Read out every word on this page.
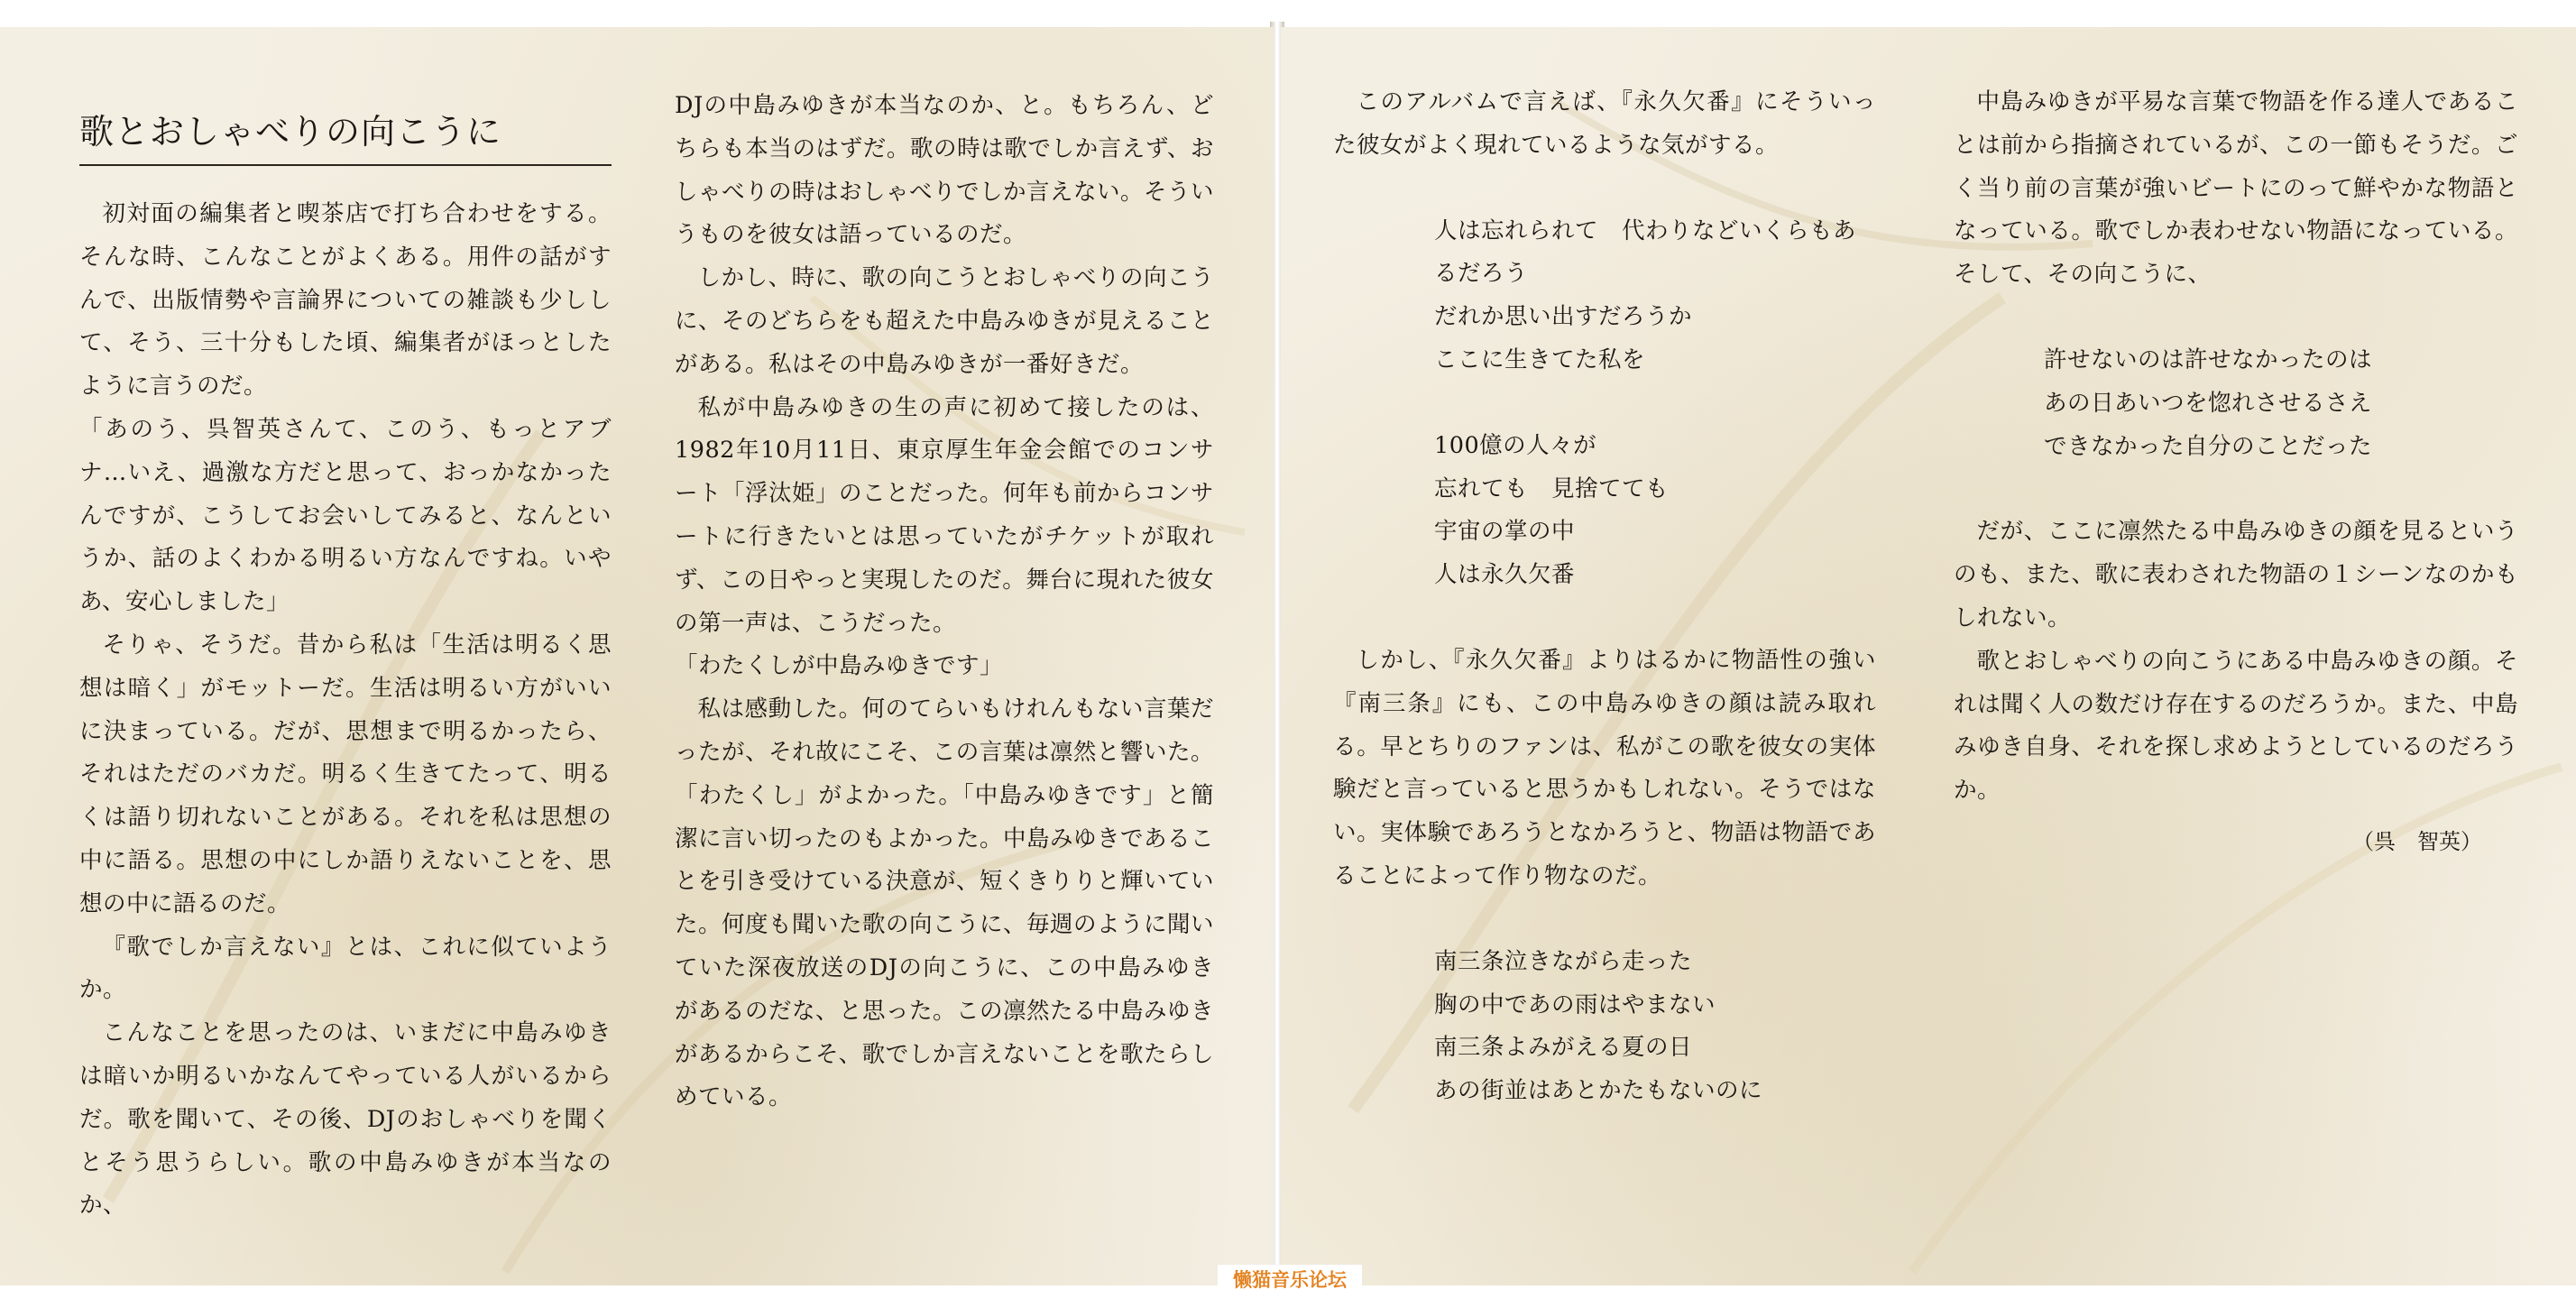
歌とおしゃべりの向こうに

初対面の編集者と喫茶店で打ち合わせをする。そんな時、こんなことがよくある。用件の話がすんで、出版情勢や言論界についての雑談も少しして、そう、三十分もした頃、編集者がほっとしたように言うのだ。

「あのう、呉智英さんて、このう、もっとアブナ…いえ、過激な方だと思って、おっかなかったんですが、こうしてお会いしてみると、なんというか、話のよくわかる明るい方なんですね。いやあ、安心しました」

そりゃ、そうだ。昔から私は「生活は明るく思想は暗く」がモットーだ。生活は明るい方がいいに決まっている。だが、思想まで明るかったら、それはただのバカだ。明るく生きてたって、明るくは語り切れないことがある。それを私は思想の中に語る。思想の中にしか語りえないことを、思想の中に語るのだ。

『歌でしか言えない』とは、これに似ていようか。

こんなことを思ったのは、いまだに中島みゆきは暗いか明るいかなんてやっている人がいるからだ。歌を聞いて、その後、DJのおしゃべりを聞くとそう思うらしい。歌の中島みゆきが本当なのか、

DJの中島みゆきが本当なのか、と。もちろん、どちらも本当のはずだ。歌の時は歌でしか言えず、おしゃべりの時はおしゃべりでしか言えない。そういうものを彼女は語っているのだ。

しかし、時に、歌の向こうとおしゃべりの向こうに、そのどちらをも超えた中島みゆきが見えることがある。私はその中島みゆきが一番好きだ。

私が中島みゆきの生の声に初めて接したのは、1982年10月11日、東京厚生年金会館でのコンサート「浮汰姫」のことだった。何年も前からコンサートに行きたいとは思っていたがチケットが取れず、この日やっと実現したのだ。舞台に現れた彼女の第一声は、こうだった。

「わたくしが中島みゆきです」

私は感動した。何のてらいもけれんもない言葉だったが、それ故にこそ、この言葉は凛然と響いた。「わたくし」がよかった。「中島みゆきです」と簡潔に言い切ったのもよかった。中島みゆきであることを引き受けている決意が、短くきりりと輝いていた。何度も聞いた歌の向こうに、毎週のように聞いていた深夜放送のDJの向こうに、この中島みゆきがあるのだな、と思った。この凛然たる中島みゆきがあるからこそ、歌でしか言えないことを歌たらしめている。

このアルバムで言えば、『永久欠番』にそういった彼女がよく現れているような気がする。

人は忘れられて　代わりなどいくらもあるだろう

だれか思い出すだろうか

ここに生きてた私を

100億の人々が

忘れても　見捨てても

宇宙の掌の中

人は永久欠番

しかし、『永久欠番』よりはるかに物語性の強い『南三条』にも、この中島みゆきの顔は読み取れる。早とちりのファンは、私がこの歌を彼女の実体験だと言っていると思うかもしれない。そうではない。実体験であろうとなかろうと、物語は物語であることによって作り物なのだ。

南三条泣きながら走った

胸の中であの雨はやまない

南三条よみがえる夏の日

あの街並はあとかたもないのに

中島みゆきが平易な言葉で物語を作る達人であることは前から指摘されているが、この一節もそうだ。ごく当り前の言葉が強いビートにのって鮮やかな物語となっている。歌でしか表わせない物語になっている。そして、その向こうに、

許せないのは許せなかったのは

あの日あいつを惚れさせるさえ

できなかった自分のことだった

だが、ここに凛然たる中島みゆきの顔を見るというのも、また、歌に表わされた物語の１シーンなのかもしれない。

歌とおしゃべりの向こうにある中島みゆきの顔。それは聞く人の数だけ存在するのだろうか。また、中島みゆき自身、それを探し求めようとしているのだろうか。

（呉　智英）
懒猫音乐论坛
